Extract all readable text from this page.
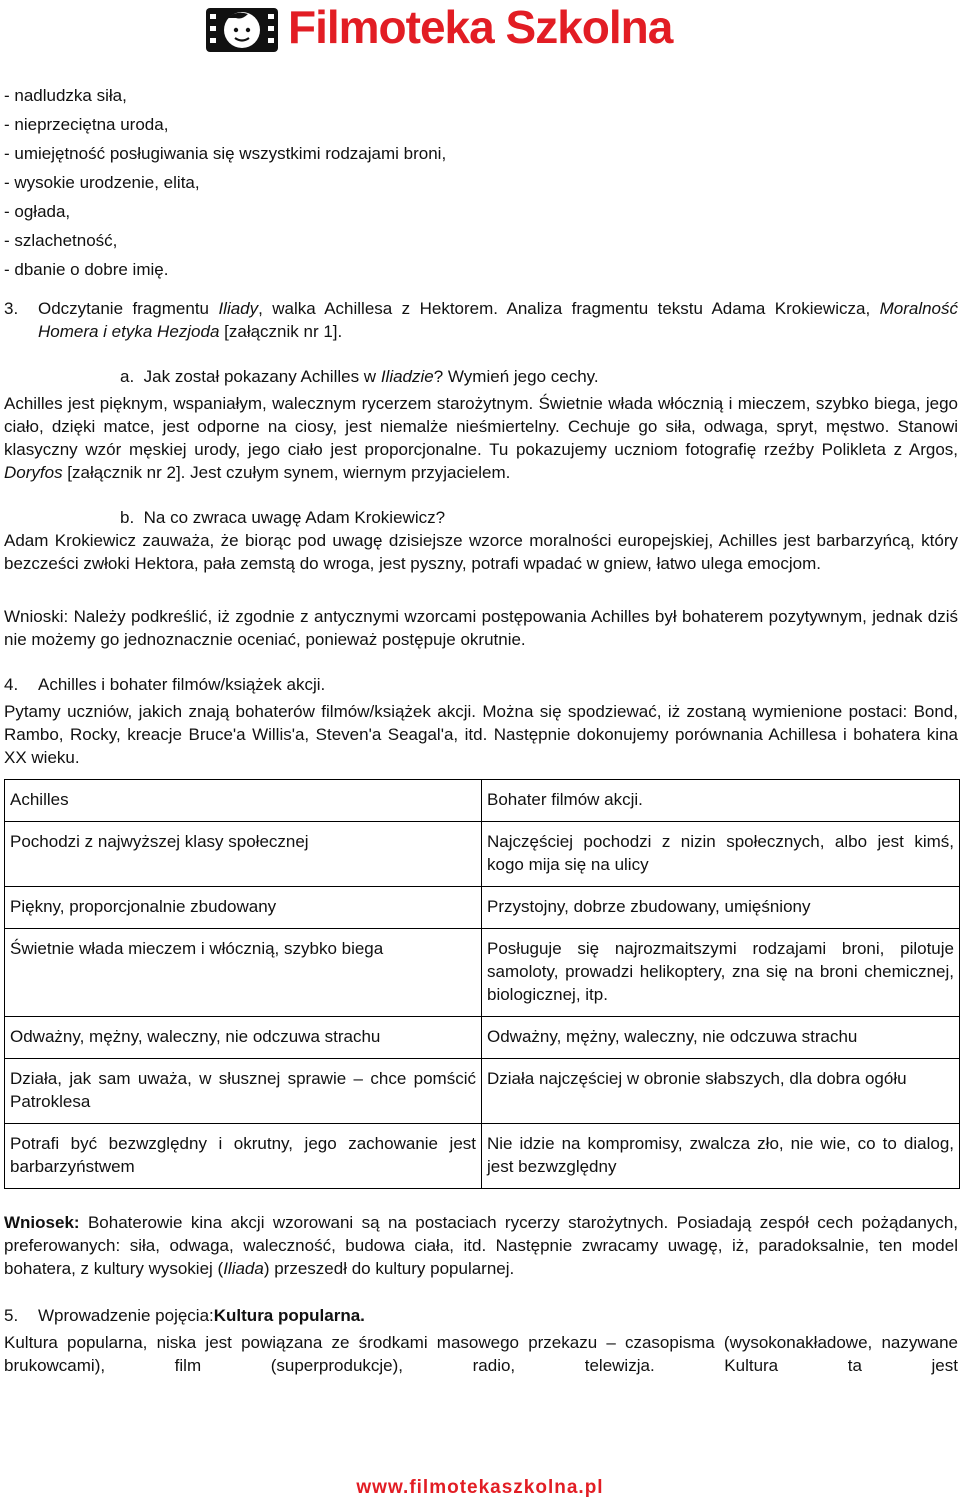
Filmoteka Szkolna
- nadludzka siła,
- nieprzeciętna uroda,
- umiejętność posługiwania się wszystkimi rodzajami broni,
- wysokie urodzenie, elita,
- ogłada,
- szlachetność,
- dbanie o dobre imię.
3.	Odczytanie fragmentu Iliady, walka Achillesa z Hektorem. Analiza fragmentu tekstu Adama Krokiewicza, Moralność Homera i etyka Hezjoda [załącznik nr 1].
a. Jak został pokazany Achilles w Iliadzie? Wymień jego cechy.

Achilles jest pięknym, wspaniałym, walecznym rycerzem starożytnym. Świetnie włada włócznią i mieczem, szybko biega, jego ciało, dzięki matce, jest odporne na ciosy, jest niemalże nieśmiertelny. Cechuje go siła, odwaga, spryt, męstwo. Stanowi klasyczny wzór męskiej urody, jego ciało jest proporcjonalne. Tu pokazujemy uczniom fotografię rzeźby Polikleta z Argos, Doryfos [załącznik nr 2]. Jest czułym synem, wiernym przyjacielem.

b. Na co zwraca uwagę Adam Krokiewicz?

Adam Krokiewicz zauważa, że biorąc pod uwagę dzisiejsze wzorce moralności europejskiej, Achilles jest barbarzyńcą, który bezcześci zwłoki Hektora, pała zemstą do wroga, jest pyszny, potrafi wpadać w gniew, łatwo ulega emocjom.

Wnioski: Należy podkreślić, iż zgodnie z antycznymi wzorcami postępowania Achilles był bohaterem pozytywnym, jednak dziś nie możemy go jednoznacznie oceniać, ponieważ postępuje okrutnie.

4.	Achilles i bohater filmów/książek akcji.

Pytamy uczniów, jakich znają bohaterów filmów/książek akcji. Można się spodziewać, iż zostaną wymienione postaci: Bond, Rambo, Rocky, kreacje Bruce'a Willis'a, Steven'a Seagal'a, itd. Następnie dokonujemy porównania Achillesa i bohatera kina XX wieku.

Achilles	Bohater filmów akcji.
Pochodzi z najwyższej klasy społecznej	Najczęściej pochodzi z nizin społecznych, albo jest kimś, kogo mija się na ulicy
Piękny, proporcjonalnie zbudowany	Przystojny, dobrze zbudowany, umięśniony
Świetnie włada mieczem i włócznią, szybko biega	Posługuje się najrozmaitszymi rodzajami broni, pilotuje samoloty, prowadzi helikoptery, zna się na broni chemicznej, biologicznej, itp.
Odważny, mężny, waleczny, nie odczuwa strachu	Odważny, mężny, waleczny, nie odczuwa strachu
Działa, jak sam uważa, w słusznej sprawie – chce pomścić Patroklesa	Działa najczęściej w obronie słabszych, dla dobra ogółu
Potrafi być bezwzględny i okrutny, jego zachowanie jest barbarzyństwem	Nie idzie na kompromisy, zwalcza zło, nie wie, co to dialog, jest bezwzględny

Wniosek: Bohaterowie kina akcji wzorowani są na postaciach rycerzy starożytnych. Posiadają zespół cech pożądanych, preferowanych: siła, odwaga, waleczność, budowa ciała, itd. Następnie zwracamy uwagę, iż, paradoksalnie, ten model bohatera, z kultury wysokiej (Iliada) przeszedł do kultury popularnej.

5.	Wprowadzenie pojęcia: Kultura popularna.

Kultura popularna, niska jest powiązana ze środkami masowego przekazu – czasopisma (wysokonakładowe, nazywane brukowcami), film (superprodukcje), radio, telewizja. Kultura ta jest

www.filmotekaszkolna.pl
